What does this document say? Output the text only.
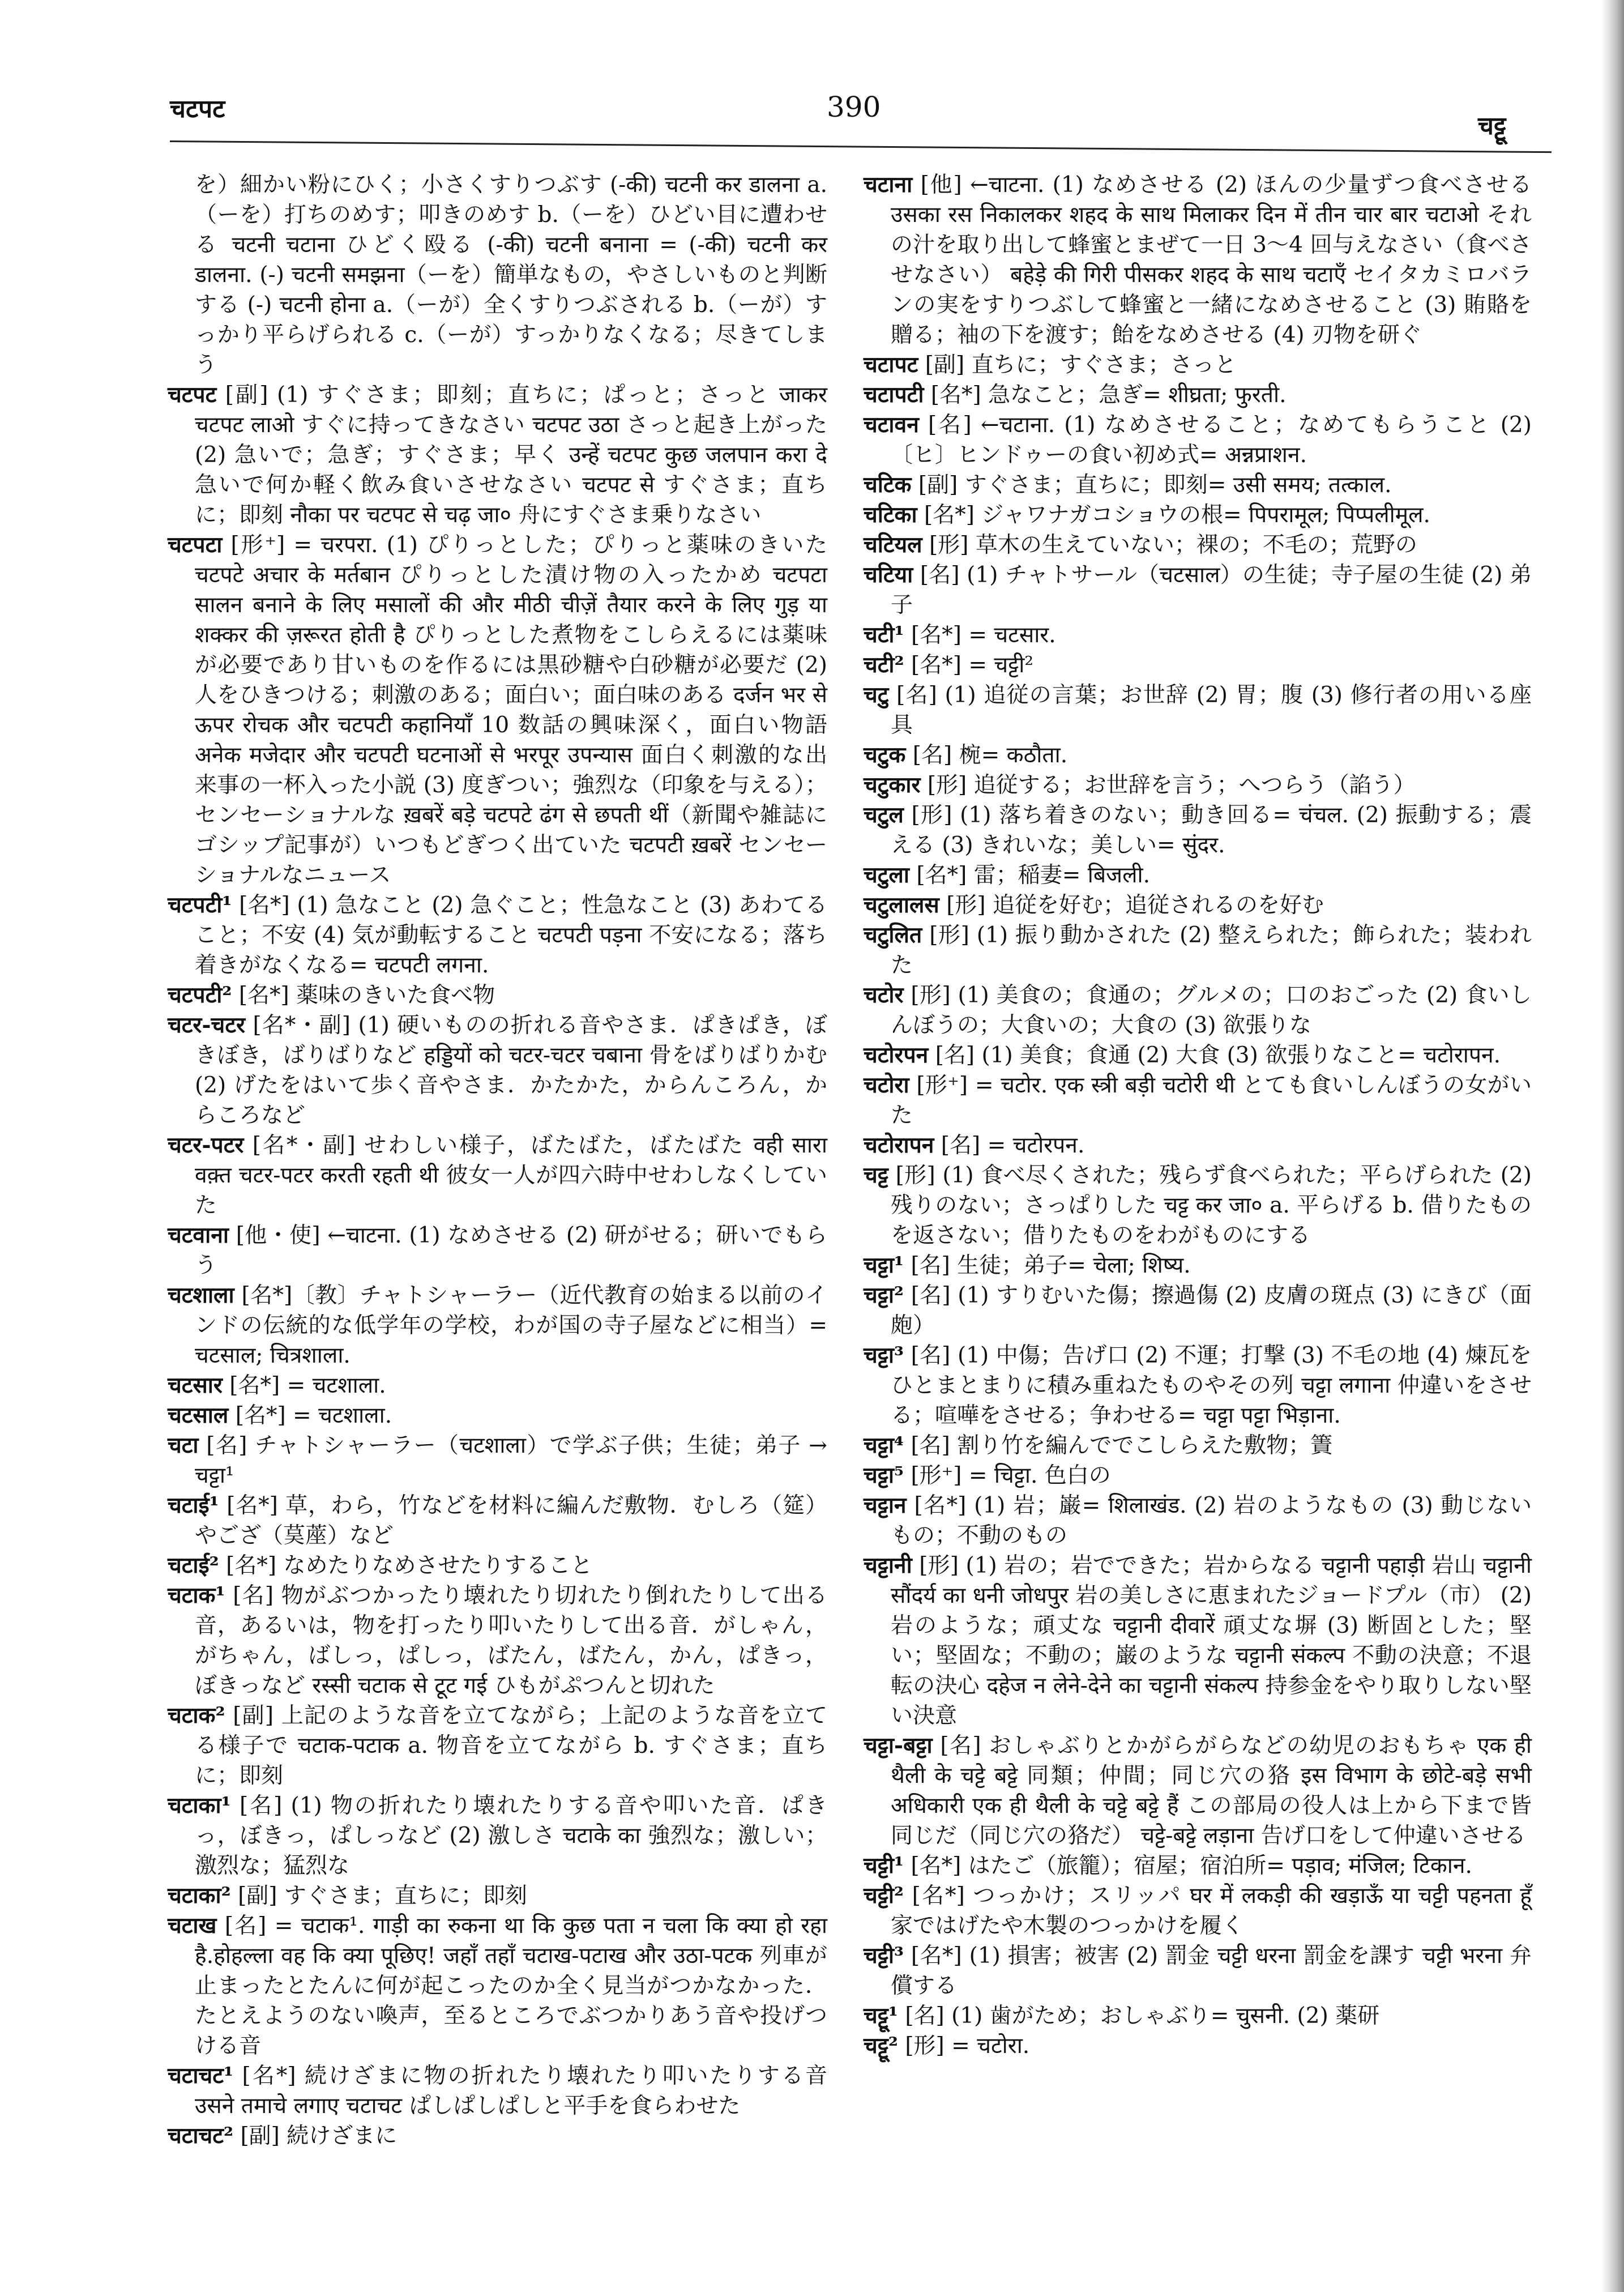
चटपट	390
चट्टू

を）細かい粉にひく；小さくすりつぶす (-की) चटनी कर डालना a.（ーを）打ちのめす；叩きのめす b.（ーを）ひどい目に遭わせる चटनी चटाना ひどく殴る (-की) चटनी बनाना = (-की) चटनी कर डालना. (-) चटनी समझना（ーを）簡単なもの，やさしいものと判断する (-) चटनी होना a.（ーが）全くすりつぶされる b.（ーが）すっかり平らげられる c.（ーが）すっかりなくなる；尽きてしまう

चटपट [副] (1) すぐさま；即刻；直ちに；ぱっと；さっと जाकर चटपट लाओ すぐに持ってきなさい चटपट उठा さっと起き上がった (2) 急いで；急ぎ；すぐさま；早く उन्हें चटपट कुछ जलपान करा दे 急いで何か軽く飲み食いさせなさい चटपट से すぐさま；直ちに；即刻 नौका पर चटपट से चढ़ जा० 舟にすぐさま乗りなさい

चटपटा [形⁺] = चरपरा. (1) ぴりっとした；ぴりっと薬味のきいた चटपटे अचार के मर्तबान ぴりっとした漬け物の入ったかめ चटपटा सालन बनाने के लिए मसालों की और मीठी चीज़ें तैयार करने के लिए गुड़ या शक्कर की ज़रूरत होती है ぴりっとした煮物をこしらえるには薬味が必要であり甘いものを作るには黒砂糖や白砂糖が必要だ (2) 人をひきつける；刺激のある；面白い；面白味のある दर्जन भर से ऊपर रोचक और चटपटी कहानियाँ 10 数話の興味深く，面白い物語 अनेक मजेदार और चटपटी घटनाओं से भरपूर उपन्यास 面白く刺激的な出来事の一杯入った小説 (3) 度ぎつい；強烈な（印象を与える）；センセーショナルな ख़बरें बड़े चटपटे ढंग से छपती थीं（新聞や雑誌にゴシップ記事が）いつもどぎつく出ていた चटपटी ख़बरें センセーショナルなニュース

चटपटी¹ [名*] (1) 急なこと (2) 急ぐこと；性急なこと (3) あわてること；不安 (4) 気が動転すること चटपटी पड़ना 不安になる；落ち着きがなくなる= चटपटी लगना.

चटपटी² [名*] 薬味のきいた食べ物

चटर-चटर [名*・副] (1) 硬いものの折れる音やさま．ぱきぱき，ぼきぼき，ばりばりなど हड्डियों को चटर-चटर चबाना 骨をばりばりかむ (2) げたをはいて歩く音やさま．かたかた，からんころん，からころなど

चटर-पटर [名*・副] せわしい様子，ばたばた，ばたばた वही सारा वक़्त चटर-पटर करती रहती थी 彼女一人が四六時中せわしなくしていた

चटवाना [他・使] ←चाटना. (1) なめさせる (2) 研がせる；研いでもらう

चटशाला [名*]〔教〕チャトシャーラー（近代教育の始まる以前のインドの伝統的な低学年の学校，わが国の寺子屋などに相当）= चटसाल; चित्रशाला.

चटसार [名*] = चटशाला.

चटसाल [名*] = चटशाला.

चटा [名] チャトシャーラー（चटशाला）で学ぶ子供；生徒；弟子 → चट्टा¹

चटाई¹ [名*] 草，わら，竹などを材料に編んだ敷物．むしろ（筵）やござ（茣蓙）など

चटाई² [名*] なめたりなめさせたりすること

चटाक¹ [名] 物がぶつかったり壊れたり切れたり倒れたりして出る音，あるいは，物を打ったり叩いたりして出る音．がしゃん，がちゃん，ばしっ，ぱしっ，ばたん，ばたん，かん，ぱきっ，ぼきっなど रस्सी चटाक से टूट गई ひもがぷつんと切れた

चटाक² [副] 上記のような音を立てながら；上記のような音を立てる様子で चटाक-पटाक a. 物音を立てながら b. すぐさま；直ちに；即刻

चटाका¹ [名] (1) 物の折れたり壊れたりする音や叩いた音．ぱきっ，ぼきっ，ぱしっなど (2) 激しさ चटाके का 強烈な；激しい；激烈な；猛烈な

चटाका² [副] すぐさま；直ちに；即刻

चटाख [名] = चटाक¹. गाड़ी का रुकना था कि कुछ पता न चला कि क्या हो रहा है.होहल्ला वह कि क्या पूछिए! जहाँ तहाँ चटाख-पटाख और उठा-पटक 列車が止まったとたんに何が起こったのか全く見当がつかなかった．たとえようのない喚声，至るところでぶつかりあう音や投げつける音

चटाचट¹ [名*] 続けざまに物の折れたり壊れたり叩いたりする音 उसने तमाचे लगाए चटाचट ぱしぱしぱしと平手を食らわせた

चटाचट² [副] 続けざまに

चटाना [他] ←चाटना. (1) なめさせる (2) ほんの少量ずつ食べさせる उसका रस निकालकर शहद के साथ मिलाकर दिन में तीन चार बार चटाओ それの汁を取り出して蜂蜜とまぜて一日 3～4 回与えなさい（食べさせなさい） बहेड़े की गिरी पीसकर शहद के साथ चटाएँ セイタカミロバランの実をすりつぶして蜂蜜と一緒になめさせること (3) 賄賂を贈る；袖の下を渡す；飴をなめさせる (4) 刃物を研ぐ

चटापट [副] 直ちに；すぐさま；さっと

चटापटी [名*] 急なこと；急ぎ= शीघ्रता; फुरती.

चटावन [名] ←चटाना. (1) なめさせること；なめてもらうこと (2)〔ヒ〕ヒンドゥーの食い初め式= अन्नप्राशन.

चटिक [副] すぐさま；直ちに；即刻= उसी समय; तत्काल.

चटिका [名*] ジャワナガコショウの根= पिपरामूल; पिप्पलीमूल.

चटियल [形] 草木の生えていない；裸の；不毛の；荒野の

चटिया [名] (1) チャトサール（चटसाल）の生徒；寺子屋の生徒 (2) 弟子

चटी¹ [名*] = चटसार.

चटी² [名*] = चट्टी²

चटु [名] (1) 追従の言葉；お世辞 (2) 胃；腹 (3) 修行者の用いる座具

चटुक [名] 椀= कठौता.

चटुकार [形] 追従する；お世辞を言う；へつらう（諂う）

चटुल [形] (1) 落ち着きのない；動き回る= चंचल. (2) 振動する；震える (3) きれいな；美しい= सुंदर.

चटुला [名*] 雷；稲妻= बिजली.

चटुलालस [形] 追従を好む；追従されるのを好む

चटुलित [形] (1) 振り動かされた (2) 整えられた；飾られた；装われた

चटोर [形] (1) 美食の；食通の；グルメの；口のおごった (2) 食いしんぼうの；大食いの；大食の (3) 欲張りな

चटोरपन [名] (1) 美食；食通 (2) 大食 (3) 欲張りなこと= चटोरापन.

चटोरा [形⁺] = चटोर. एक स्त्री बड़ी चटोरी थी とても食いしんぼうの女がいた

चटोरापन [名] = चटोरपन.

चट्ट [形] (1) 食べ尽くされた；残らず食べられた；平らげられた (2) 残りのない；さっぱりした चट्ट कर जा० a. 平らげる b. 借りたものを返さない；借りたものをわがものにする

चट्टा¹ [名] 生徒；弟子= चेला; शिष्य.

चट्टा² [名] (1) すりむいた傷；擦過傷 (2) 皮膚の斑点 (3) にきび（面皰）

चट्टा³ [名] (1) 中傷；告げ口 (2) 不運；打撃 (3) 不毛の地 (4) 煉瓦をひとまとまりに積み重ねたものやその列 चट्टा लगाना 仲違いをさせる；喧嘩をさせる；争わせる= चट्टा पट्टा भिड़ाना.

चट्टा⁴ [名] 割り竹を編んででこしらえた敷物；簀

चट्टा⁵ [形⁺] = चिट्टा. 色白の

चट्टान [名*] (1) 岩；巌= शिलाखंड. (2) 岩のようなもの (3) 動じないもの；不動のもの

चट्टानी [形] (1) 岩の；岩でできた；岩からなる चट्टानी पहाड़ी 岩山 चट्टानी सौंदर्य का धनी जोधपुर 岩の美しさに恵まれたジョードプル（市） (2) 岩のような；頑丈な चट्टानी दीवारें 頑丈な塀 (3) 断固とした；堅い；堅固な；不動の；巌のような चट्टानी संकल्प 不動の決意；不退転の決心 दहेज न लेने-देने का चट्टानी संकल्प 持参金をやり取りしない堅い決意

चट्टा-बट्टा [名] おしゃぶりとかがらがらなどの幼児のおもちゃ एक ही थैली के चट्टे बट्टे 同類；仲間；同じ穴の狢 इस विभाग के छोटे-बड़े सभी अधिकारी एक ही थैली के चट्टे बट्टे हैं この部局の役人は上から下まで皆同じだ（同じ穴の狢だ） चट्टे-बट्टे लड़ाना 告げ口をして仲違いさせる

चट्टी¹ [名*] はたご（旅籠）；宿屋；宿泊所= पड़ाव; मंजिल; टिकान.

चट्टी² [名*] つっかけ；スリッパ घर में लकड़ी की खड़ाऊँ या चट्टी पहनता हूँ 家ではげたや木製のつっかけを履く

चट्टी³ [名*] (1) 損害；被害 (2) 罰金 चट्टी धरना 罰金を課す चट्टी भरना 弁償する

चट्टू¹ [名] (1) 歯がため；おしゃぶり= चुसनी. (2) 薬研

चट्टू² [形] = चटोरा.
